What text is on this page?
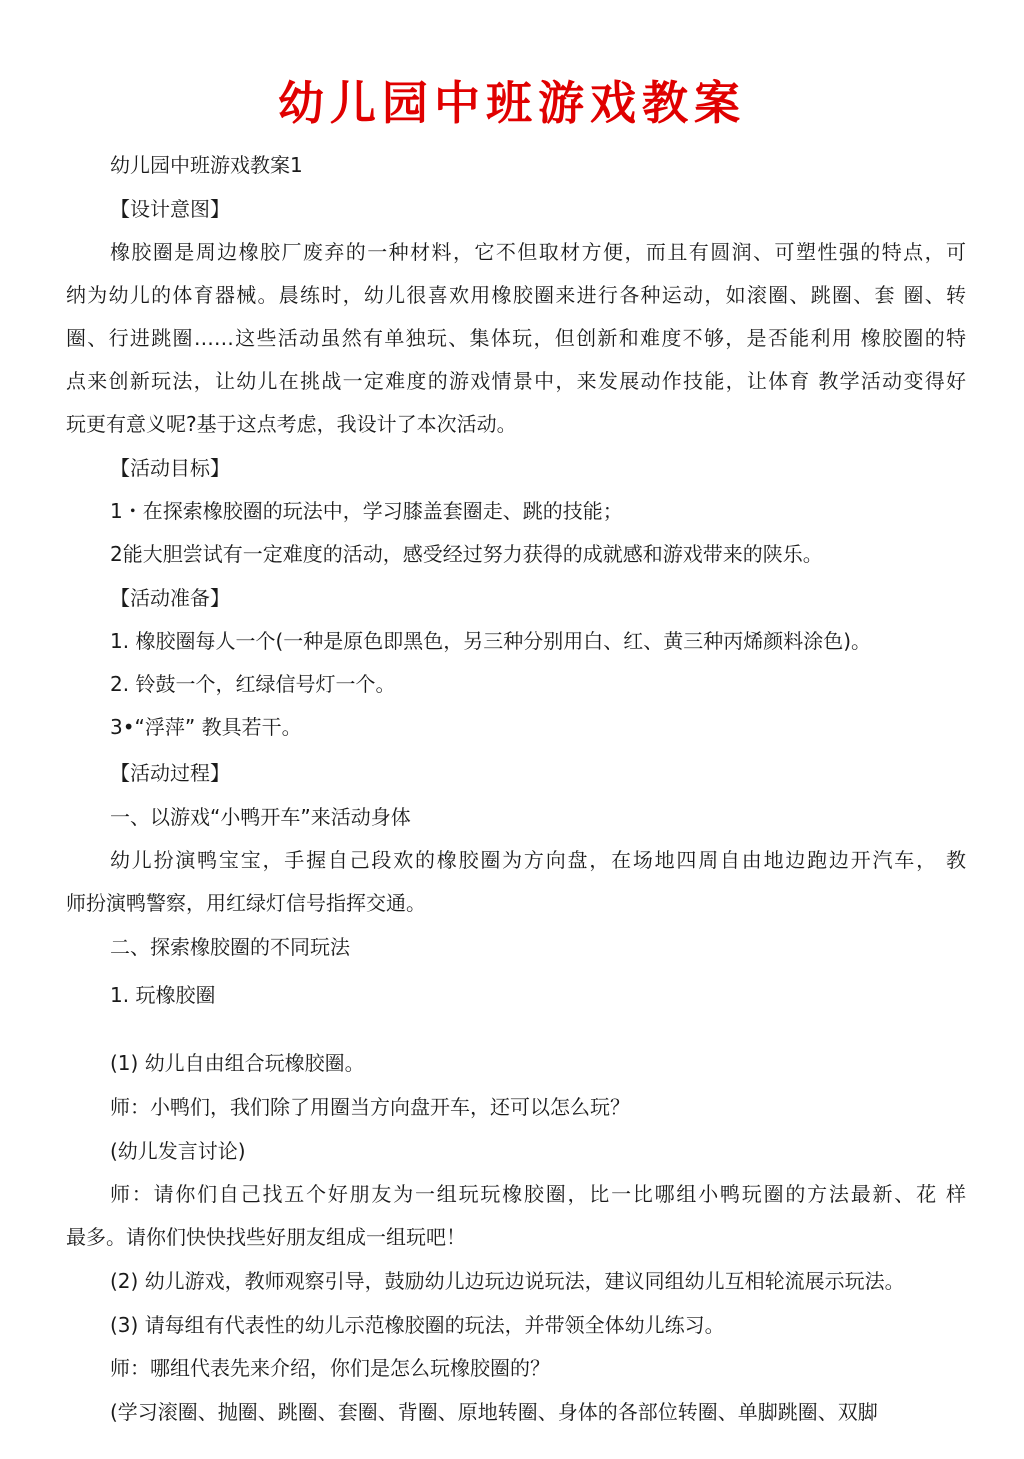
幼儿园中班游戏教案
幼儿园中班游戏教案1
【设计意图】
橡胶圈是周边橡胶厂废弃的一种材料，它不但取材方便，而且有圆润、可塑性强的特点，可
纳为幼儿的体育器械。晨练时，幼儿很喜欢用橡胶圈来进行各种运动，如滚圈、跳圈、套 圈、转
圈、行进跳圈……这些活动虽然有单独玩、集体玩，但创新和难度不够，是否能利用 橡胶圈的特
点来创新玩法，让幼儿在挑战一定难度的游戏情景中，来发展动作技能，让体育 教学活动变得好
玩更有意义呢?基于这点考虑，我设计了本次活动。
【活动目标】
1・在探索橡胶圈的玩法中，学习膝盖套圈走、跳的技能；
2能大胆尝试有一定难度的活动，感受经过努力获得的成就感和游戏带来的陕乐。
【活动准备】
1. 橡胶圈每人一个(一种是原色即黑色，另三种分别用白、红、黄三种丙烯颜料涂色)。
2. 铃鼓一个，红绿信号灯一个。
3•“浮萍” 教具若干。
【活动过程】
一、以游戏“小鸭开车”来活动身体
幼儿扮演鸭宝宝，手握自己段欢的橡胶圈为方向盘，在场地四周自由地边跑边开汽车， 教
师扮演鸭警察，用红绿灯信号指挥交通。
二、探索橡胶圈的不同玩法
1. 玩橡胶圈
(1) 幼儿自由组合玩橡胶圈。
师：小鸭们，我们除了用圈当方向盘开车，还可以怎么玩？
(幼儿发言讨论)
师：请你们自己找五个好朋友为一组玩玩橡胶圈，比一比哪组小鸭玩圈的方法最新、花 样
最多。请你们快快找些好朋友组成一组玩吧！
(2) 幼儿游戏，教师观察引导，鼓励幼儿边玩边说玩法，建议同组幼儿互相轮流展示玩法。
(3) 请每组有代表性的幼儿示范橡胶圈的玩法，并带领全体幼儿练习。
师：哪组代表先来介绍，你们是怎么玩橡胶圈的？
(学习滚圈、抛圈、跳圈、套圈、背圈、原地转圈、身体的各部位转圈、单脚跳圈、双脚
